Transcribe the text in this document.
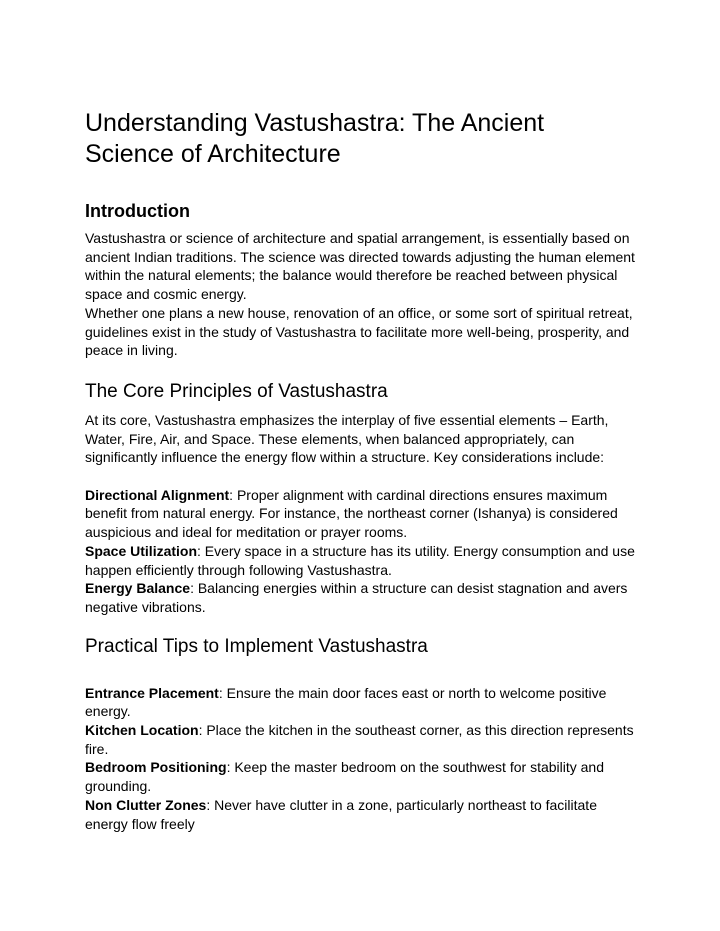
Understanding Vastushastra: The Ancient Science of Architecture
Introduction

Vastushastra or science of architecture and spatial arrangement, is essentially based on ancient Indian traditions. The science was directed towards adjusting the human element within the natural elements; the balance would therefore be reached between physical space and cosmic energy.

Whether one plans a new house, renovation of an office, or some sort of spiritual retreat, guidelines exist in the study of Vastushastra to facilitate more well-being, prosperity, and peace in living.

The Core Principles of Vastushastra

At its core, Vastushastra emphasizes the interplay of five essential elements – Earth, Water, Fire, Air, and Space. These elements, when balanced appropriately, can significantly influence the energy flow within a structure. Key considerations include:

Directional Alignment: Proper alignment with cardinal directions ensures maximum benefit from natural energy. For instance, the northeast corner (Ishanya) is considered auspicious and ideal for meditation or prayer rooms.

Space Utilization: Every space in a structure has its utility. Energy consumption and use happen efficiently through following Vastushastra.

Energy Balance: Balancing energies within a structure can desist stagnation and avers negative vibrations.

Practical Tips to Implement Vastushastra

Entrance Placement: Ensure the main door faces east or north to welcome positive energy.

Kitchen Location: Place the kitchen in the southeast corner, as this direction represents fire.

Bedroom Positioning: Keep the master bedroom on the southwest for stability and grounding.

Non Clutter Zones: Never have clutter in a zone, particularly northeast to facilitate energy flow freely
